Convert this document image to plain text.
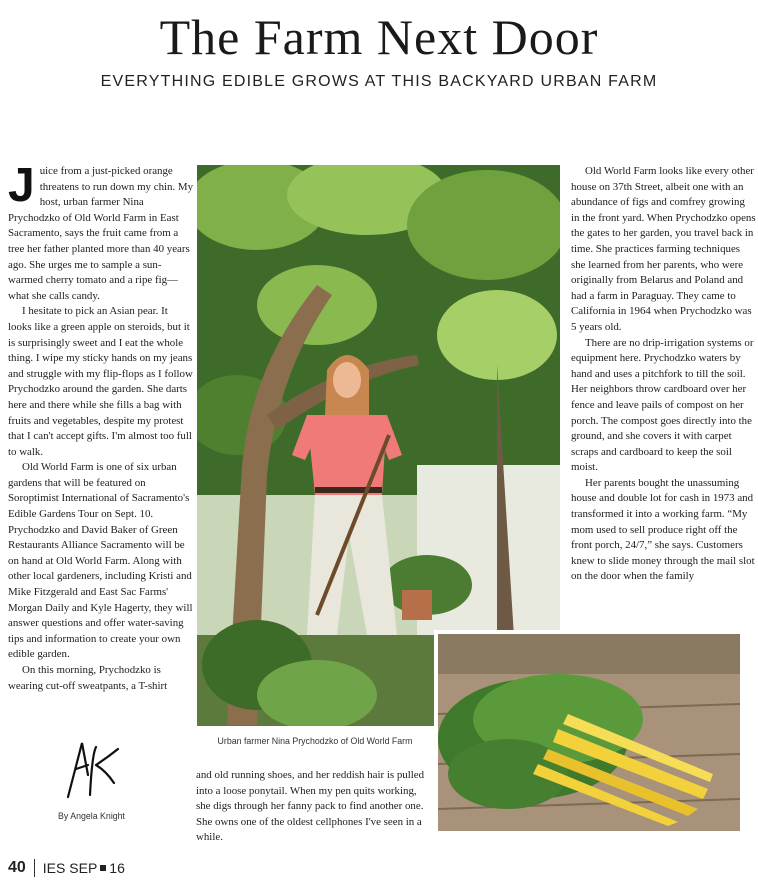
The Farm Next Door
EVERYTHING EDIBLE GROWS AT THIS BACKYARD URBAN FARM

Juice from a just-picked orange threatens to run down my chin. My host, urban farmer Nina Prychodzko of Old World Farm in East Sacramento, says the fruit came from a tree her father planted more than 40 years ago. She urges me to sample a sun-warmed cherry tomato and a ripe fig—what she calls candy.

I hesitate to pick an Asian pear. It looks like a green apple on steroids, but it is surprisingly sweet and I eat the whole thing. I wipe my sticky hands on my jeans and struggle with my flip-flops as I follow Prychodzko around the garden. She darts here and there while she fills a bag with fruits and vegetables, despite my protest that I can't accept gifts. I'm almost too full to walk.

Old World Farm is one of six urban gardens that will be featured on Soroptimist International of Sacramento's Edible Gardens Tour on Sept. 10. Prychodzko and David Baker of Green Restaurants Alliance Sacramento will be on hand at Old World Farm. Along with other local gardeners, including Kristi and Mike Fitzgerald and East Sac Farms' Morgan Daily and Kyle Hagerty, they will answer questions and offer water-saving tips and information to create your own edible garden.

On this morning, Prychodzko is wearing cut-off sweatpants, a T-shirt

Urban farmer Nina Prychodzko of Old World Farm
By Angela Knight

and old running shoes, and her reddish hair is pulled into a loose ponytail. When my pen quits working, she digs through her fanny pack to find another one. She owns one of the oldest cellphones I've seen in a while.

Old World Farm looks like every other house on 37th Street, albeit one with an abundance of figs and comfrey growing in the front yard. When Prychodzko opens the gates to her garden, you travel back in time. She practices farming techniques she learned from her parents, who were originally from Belarus and Poland and had a farm in Paraguay. They came to California in 1964 when Prychodzko was 5 years old.

There are no drip-irrigation systems or equipment here. Prychodzko waters by hand and uses a pitchfork to till the soil. Her neighbors throw cardboard over her fence and leave pails of compost on her porch. The compost goes directly into the ground, and she covers it with carpet scraps and cardboard to keep the soil moist.

Her parents bought the unassuming house and double lot for cash in 1973 and transformed it into a working farm. “My mom used to sell produce right off the front porch, 24/7,” she says. Customers knew to slide money through the mail slot on the door when the family

40 IES
SEP 16
